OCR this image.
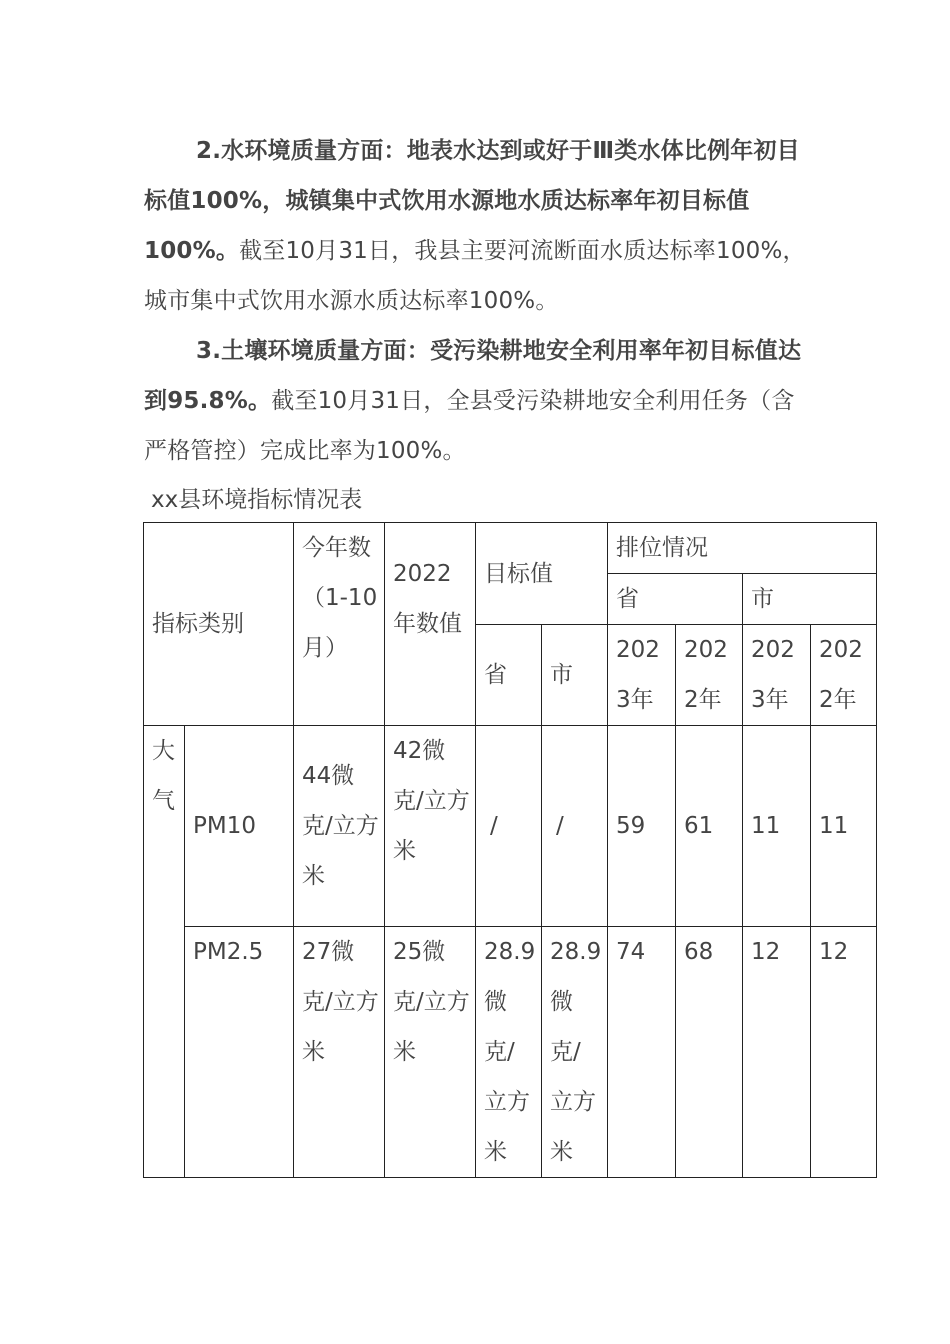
2.水环境质量方面：地表水达到或好于Ⅲ类水体比例年初目标值100%，城镇集中式饮用水源地水质达标率年初目标值100%。截至10月31日，我县主要河流断面水质达标率100%，城市集中式饮用水源水质达标率100%。

3.土壤环境质量方面：受污染耕地安全利用率年初目标值达到95.8%。截至10月31日，全县受污染耕地安全利用任务（含严格管控）完成比率为100%。

xx县环境指标情况表

指标类别		今年数（1-10月）	2022年数值	目标值		排位情况			
						省		市	
				省	市	2023年	2022年	2023年	2022年
大气	PM10	44微克/立方米	42微克/立方米	/	/	59	61	11	11
	PM2.5	27微克/立方米	25微克/立方米	28.9微克/立方米	28.9微克/立方米	74	68	12	12
